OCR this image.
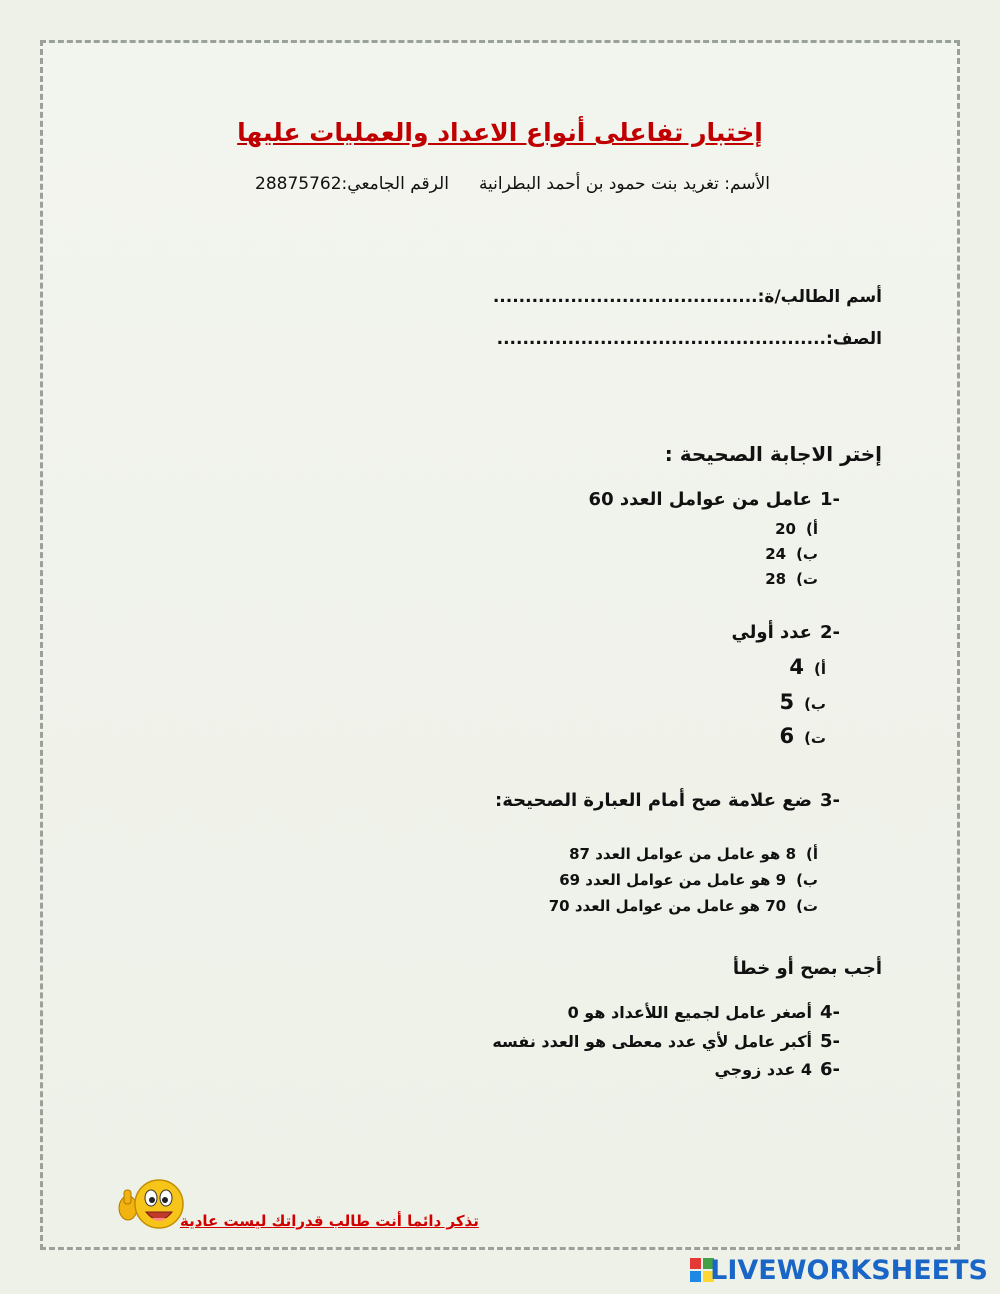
إختبار تفاعلى أنواع الاعداد والعمليات عليها
الأسم: تغريد بنت حمود بن أحمد البطرانيةالرقم الجامعي:28875762
أسم الطالب/ة:.........................................
الصف:...................................................
إختر الاجابة الصحيحة :
-1عامل من عوامل العدد 60
أ)20
ب)24
ت)28
-2عدد أولي
أ)4
ب)5
ت)6
-3ضع علامة صح أمام العبارة الصحيحة:
أ)8 هو عامل من عوامل العدد 87
ب)9 هو عامل من عوامل العدد 69
ت)70 هو عامل من عوامل العدد 70
أجب بصح أو خطأ
-4أصغر عامل لجميع اللأعداد هو 0
-5أكبر عامل لأي عدد معطى هو العدد نفسه
-64 عدد زوجي
تذكر دائما أنت طالب قدراتك ليست عادية
LIVEWORKSHEETS
